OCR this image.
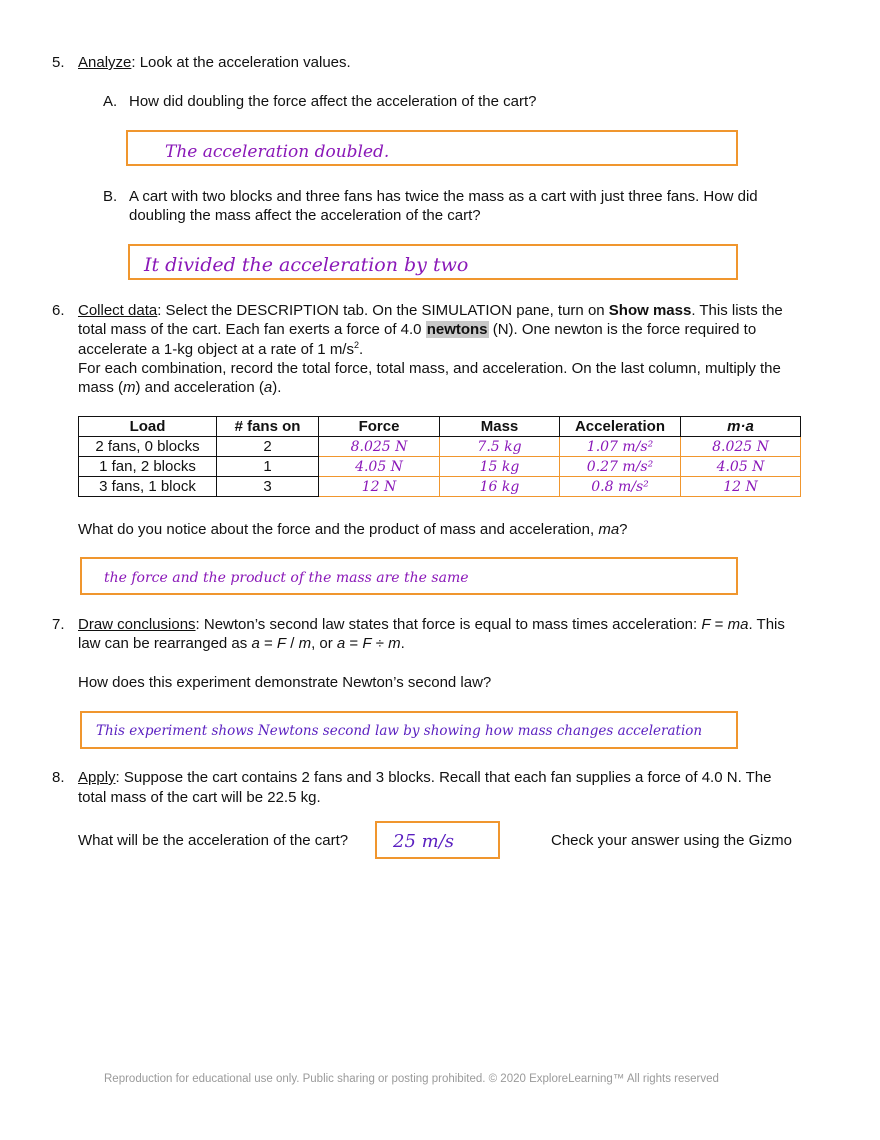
5. Analyze: Look at the acceleration values.
A. How did doubling the force affect the acceleration of the cart?
The acceleration doubled.
B. A cart with two blocks and three fans has twice the mass as a cart with just three fans. How did
doubling the mass affect the acceleration of the cart?
It divided the acceleration by two
6. Collect data: Select the DESCRIPTION tab. On the SIMULATION pane, turn on Show mass. This lists the
total mass of the cart. Each fan exerts a force of 4.0 newtons (N). One newton is the force required to
accelerate a 1-kg object at a rate of 1 $m/s^2$.
For each combination, record the total force, total mass, and acceleration. On the last column, multiply the
mass (m) and acceleration (a).
Load	# fans on	Force	Mass	Acceleration	m·a
2 fans, 0 blocks	2	8.025 N	7.5 kg	1.07 m/s²	8.025 N
1 fan, 2 blocks	1	4.05 N	15 kg	0.27 m/s²	4.05 N
3 fans, 1 block	3	12 N	16 kg	0.8 m/s²	12 N
What do you notice about the force and the product of mass and acceleration, ma?
the force and the product of the mass are the same
7. Draw conclusions: Newton’s second law states that force is equal to mass times acceleration: F = ma. This
law can be rearranged as a = F / m, or a = F ÷ m.
How does this experiment demonstrate Newton’s second law?
This experiment shows Newtons second law by showing how mass changes acceleration
8. Apply: Suppose the cart contains 2 fans and 3 blocks. Recall that each fan supplies a force of 4.0 N. The
total mass of the cart will be 22.5 kg.
What will be the acceleration of the cart? 25 m/s	Check your answer using the Gizmo
Reproduction for educational use only. Public sharing or posting prohibited. © 2020 ExploreLearning™ All rights reserved
